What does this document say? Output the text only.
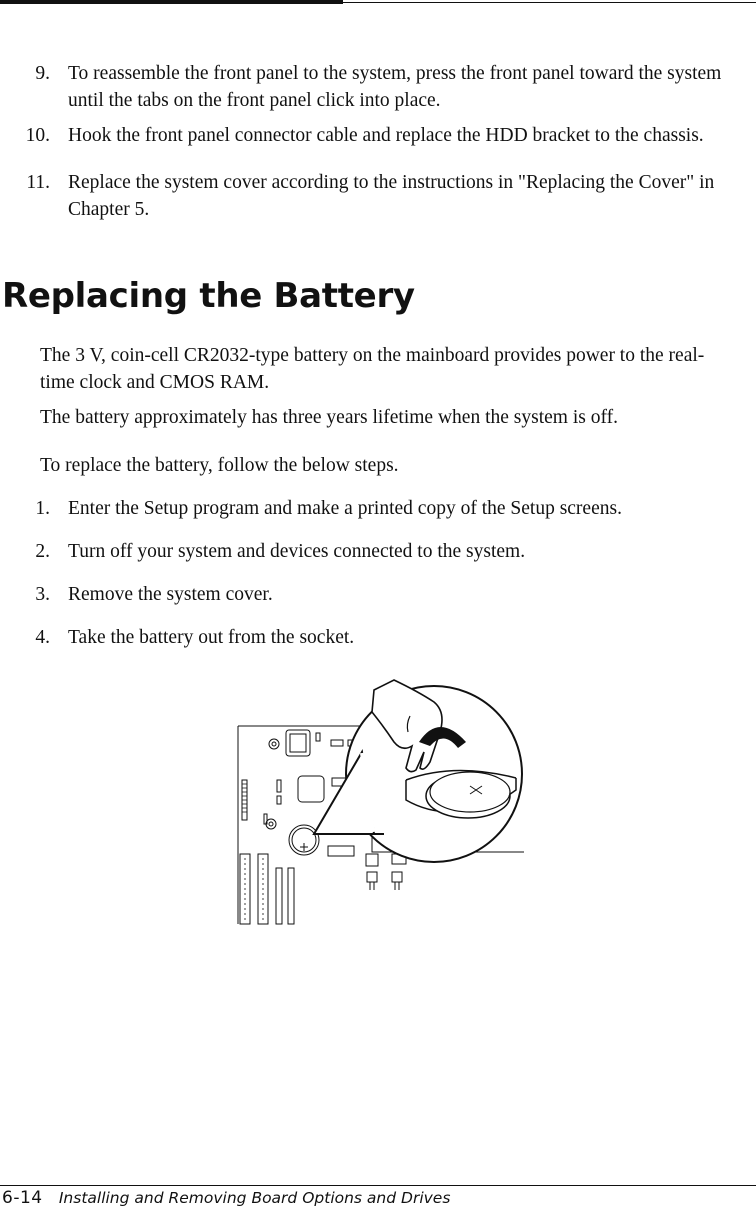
9. To reassemble the front panel to the system, press the front panel toward the system until the tabs on the front panel click into place.
10. Hook the front panel connector cable and replace the HDD bracket to the chassis.
11. Replace the system cover according to the instructions in "Replacing the Cover" in Chapter 5.
Replacing the Battery
The 3 V, coin-cell CR2032-type battery on the mainboard provides power to the real-time clock and CMOS RAM.
The battery approximately has three years lifetime when the system is off.
To replace the battery, follow the below steps.
1. Enter the Setup program and make a printed copy of the Setup screens.
2. Turn off your system and devices connected to the system.
3. Remove the system cover.
4. Take the battery out from the socket.
6-14 Installing and Removing Board Options and Drives
